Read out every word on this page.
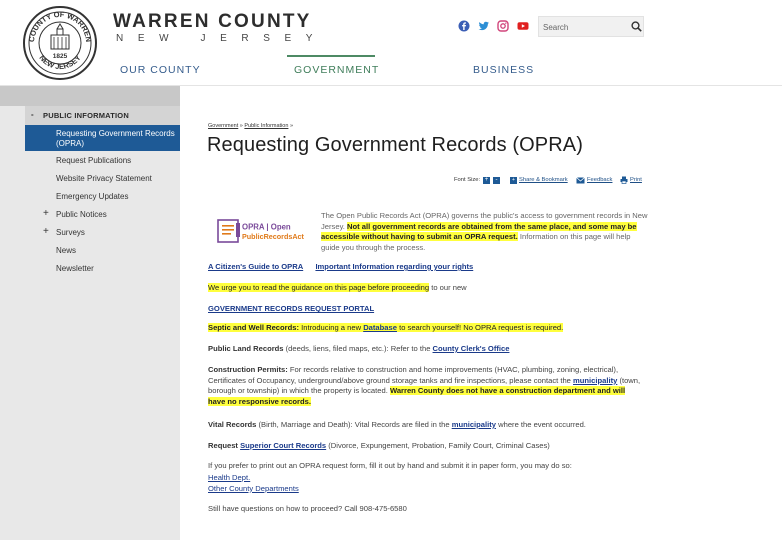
COUNTY OF WARREN
NEW JERSEY
1825
WARREN COUNTY
NEW JERSEY
OUR COUNTY	GOVERNMENT	BUSINESS
Search
- PUBLIC INFORMATION
Requesting Government Records (OPRA)
Request Publications
Website Privacy Statement
Emergency Updates
+ Public Notices
+ Surveys
News
Newsletter
Government » Public Information »
Requesting Government Records (OPRA)
Font Size: +	-	+ Share & Bookmark	Feedback	Print
OPRA | Open
PublicRecordsAct
The Open Public Records Act (OPRA) governs the public's access to government records in New Jersey. Not all government records are obtained from the same place, and some may be accessible without having to submit an OPRA request. Information on this page will help guide you through the process.
A Citizen's Guide to OPRA Important Information regarding your rights
We urge you to read the guidance on this page before proceeding to our new
GOVERNMENT RECORDS REQUEST PORTAL
Septic and Well Records: Introducing a new Database to search yourself! No OPRA request is required.
Public Land Records (deeds, liens, filed maps, etc.): Refer to the County Clerk's Office
Construction Permits: For records relative to construction and home improvements (HVAC, plumbing, zoning, electrical), Certificates of Occupancy, underground/above ground storage tanks and fire inspections, please contact the municipality (town, borough or township) in which the property is located. Warren County does not have a construction department and will have no responsive records.
Vital Records (Birth, Marriage and Death): Vital Records are filed in the municipality where the event occurred.
Request Superior Court Records (Divorce, Expungement, Probation, Family Court, Criminal Cases)
If you prefer to print out an OPRA request form, fill it out by hand and submit it in paper form, you may do so:
Health Dept.
Other County Departments
Still have questions on how to proceed? Call 908-475-6580
